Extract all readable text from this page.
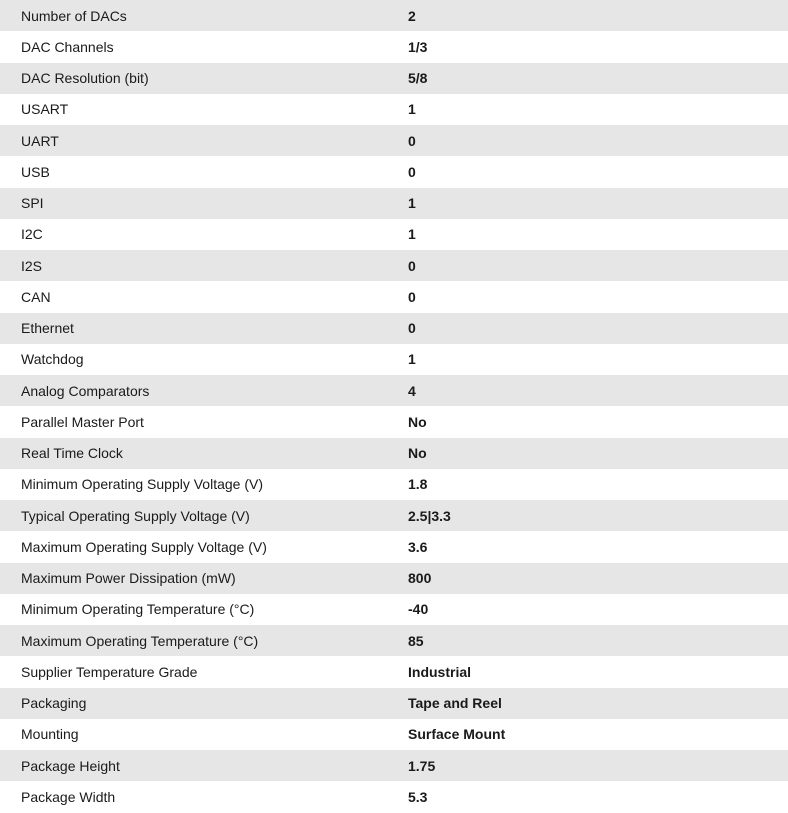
Number of DACs	2
DAC Channels	1/3
DAC Resolution (bit)	5/8
USART	1
UART	0
USB	0
SPI	1
I2C	1
I2S	0
CAN	0
Ethernet	0
Watchdog	1
Analog Comparators	4
Parallel Master Port	No
Real Time Clock	No
Minimum Operating Supply Voltage (V)	1.8
Typical Operating Supply Voltage (V)	2.5|3.3
Maximum Operating Supply Voltage (V)	3.6
Maximum Power Dissipation (mW)	800
Minimum Operating Temperature (°C)	-40
Maximum Operating Temperature (°C)	85
Supplier Temperature Grade	Industrial
Packaging	Tape and Reel
Mounting	Surface Mount
Package Height	1.75
Package Width	5.3
